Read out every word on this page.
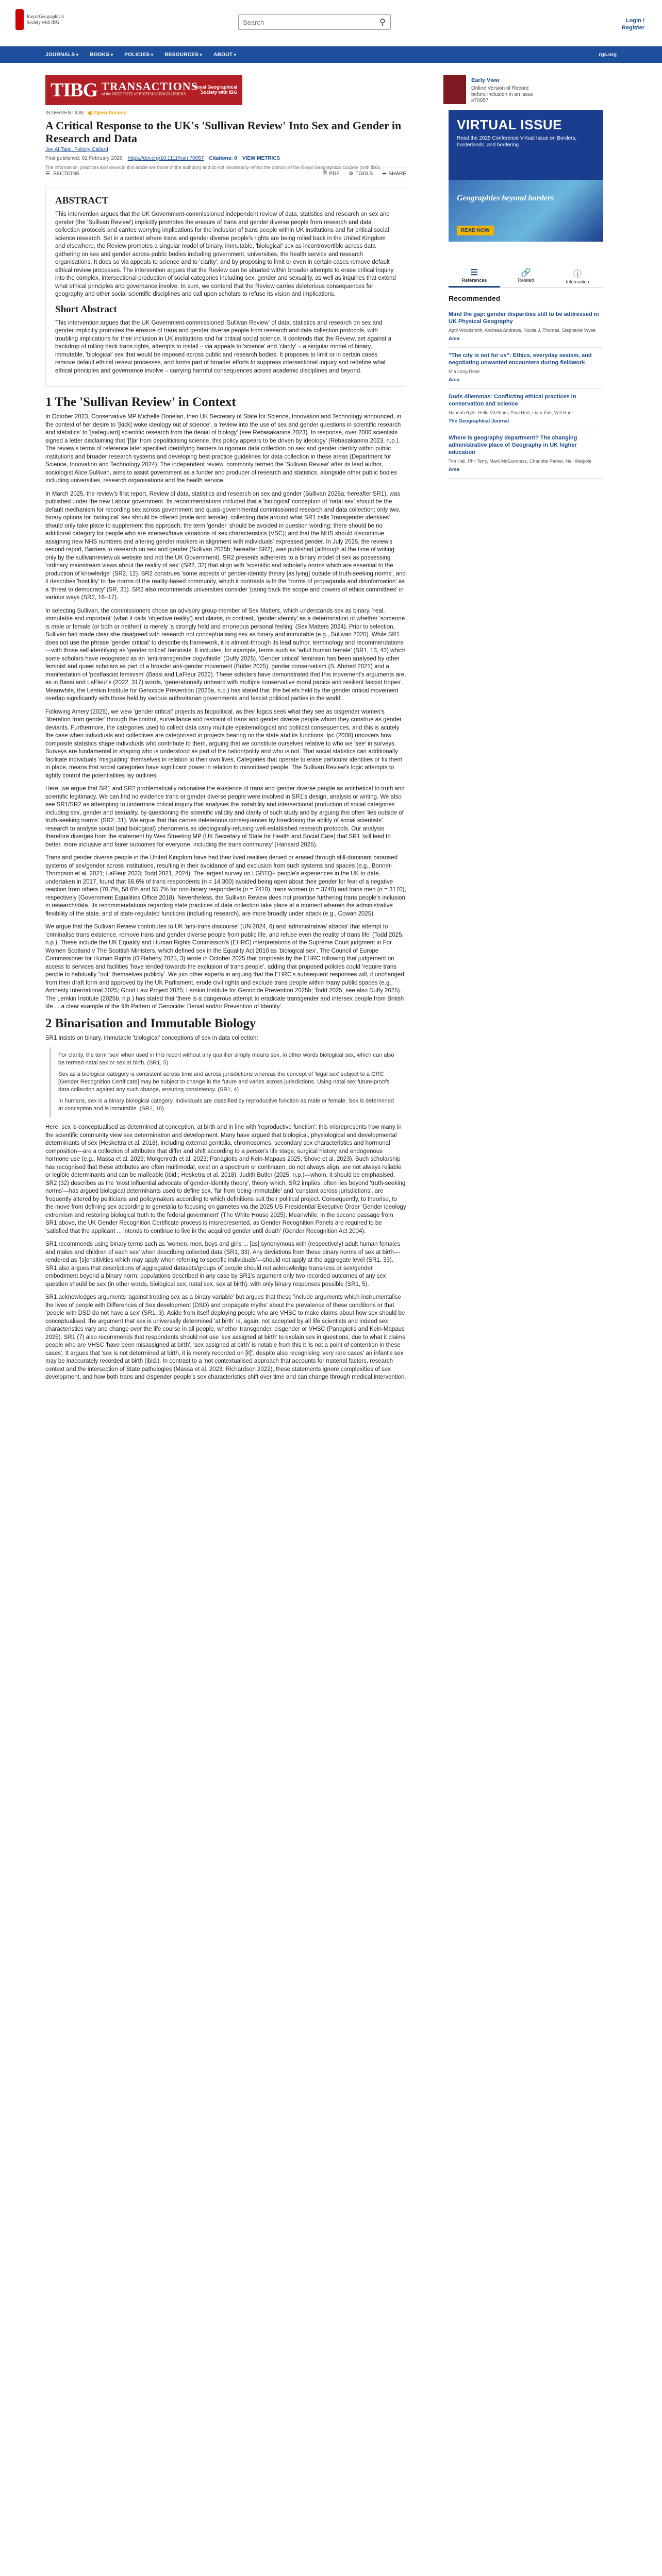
Royal Geographical Society with IBG
Search	⚲	Login /
Register
JOURNALS ▾	BOOKS ▾	POLICIES ▾	RESOURCES ▾	ABOUT ▾	rgs.org
TIBG TRANSACTIONS
of the INSTITUTE of BRITISH GEOGRAPHERS
Royal Geographical Society with IBG
Early View
Online Version of Record
before inclusion in an issue
e70057
INTERVENTION ◉ Open Access
A Critical Response to the UK's 'Sullivan Review' Into Sex and Gender in Research and Data
Jay Al-Talal, Felicity Callard
First published: 02 February 2026 https://doi.org/10.1111/tran.70057 Citations: 0 VIEW METRICS
The information, practices and views in this article are those of the author(s) and do not necessarily reflect the opinion of the Royal Geographical Society (with IBG).
☰ SECTIONS	🗎 PDF ⚙ TOOLS ➦ SHARE
ABSTRACT

This intervention argues that the UK Government-commissioned independent review of data, statistics and research on sex and gender (the 'Sullivan Review') implicitly promotes the erasure of trans and gender diverse people from research and data collection protocols and carries worrying implications for the inclusion of trans people within UK institutions and for critical social science research. Set in a context where trans and gender diverse people's rights are being rolled back in the United Kingdom and elsewhere, the Review promotes a singular model of binary, immutable, 'biological' sex as incontrovertible across data gathering on sex and gender across public bodies including government, universities, the health service and research organisations. It does so via appeals to science and to 'clarity', and by proposing to limit or even in certain cases remove default ethical review processes. The intervention argues that the Review can be situated within broader attempts to erase critical inquiry into the complex, intersectional production of social categories including sex, gender and sexuality, as well as inquiries that extend what ethical principles and governance involve. In sum, we contend that the Review carries deleterious consequences for geography and other social scientific disciplines and call upon scholars to refuse its vision and implications.

Short Abstract

This intervention argues that the UK Government-commissioned 'Sullivan Review' of data, statistics and research on sex and gender implicitly promotes the erasure of trans and gender diverse people from research and data collection protocols, with troubling implications for their inclusion in UK institutions and for critical social science. It contends that the Review, set against a backdrop of rolling back trans rights, attempts to install – via appeals to 'science' and 'clarity' – a singular model of binary, immutable, 'biological' sex that would be imposed across public and research bodies. It proposes to limit or in certain cases remove default ethical review processes, and forms part of broader efforts to suppress intersectional inquiry and redefine what ethical principles and governance involve – carrying harmful consequences across academic disciplines and beyond.

1 The 'Sullivan Review' in Context

In October 2023, Conservative MP Michelle Donelan, then UK Secretary of State for Science, Innovation and Technology announced, in the context of her desire to '[kick] woke ideology out of science', a 'review into the use of sex and gender questions in scientific research and statistics' to '[safeguard] scientific research from the denial of biology' (see Rebasakanina 2023). In response, over 2000 scientists signed a letter disclaiming that '[f]ar from depoliticising science, this policy appears to be driven by ideology' (Rebasakanina 2023, n.p.). The review's terms of reference later specified identifying barriers to rigorous data collection on sex and gender identity within public institutions and broader research systems and developing best-practice guidelines for data collection in these areas (Department for Science, Innovation and Technology 2024). The independent review, commonly termed the 'Sullivan Review' after its lead author, sociologist Alice Sullivan, aims to assist government as a funder and producer of research and statistics, alongside other public bodies including universities, research organisations and the health service.

In March 2025, the review's first report, Review of data, statistics and research on sex and gender (Sullivan 2025a; hereafter SR1), was published under the new Labour government. Its recommendations included that a 'biological' conception of 'natal sex' should be the default mechanism for recording sex across government and quasi-governmental commissioned research and data collection; only two, binary options for 'biological' sex should be offered (male and female); collecting data around what SR1 calls 'transgender identities' should only take place to supplement this approach; the term 'gender' should be avoided in question wording; there should be no additional category for people who are intersex/have variations of sex characteristics (VSC); and that the NHS should discontinue assigning new NHS numbers and altering gender markers in alignment with individuals' expressed gender. In July 2025, the review's second report, Barriers to research on sex and gender (Sullivan 2025b; hereafter SR2), was published (although at the time of writing only by the sullivanreview.uk website and not the UK Government). SR2 presents adherents to a binary model of sex as possessing 'ordinary mainstream views about the reality of sex' (SR2, 32) that align with 'scientific and scholarly norms which are essential to the production of knowledge' (SR2, 12). SR2 construes 'some aspects of gender-identity theory [as lying] outside of truth-seeking norms', and it describes 'hostility' to the norms of the reality-based community, which it contrasts with the 'norms of propaganda and disinformation' as a 'threat to democracy' (SR, 31). SR2 also recommends universities consider 'paring back the scope and powers of ethics committees' in various ways (SR2, 16–17).

In selecting Sullivan, the commissioners chose an advisory group member of Sex Matters, which understands sex as binary, 'real, immutable and important' (what it calls 'objective reality') and claims, in contrast, 'gender identity' as a determination of whether 'someone is male or female (or both or neither)' is merely 'a strongly held and erroneous personal feeling' (Sex Matters 2024). Prior to selection, Sullivan had made clear she disagreed with research not conceptualising sex as binary and immutable (e.g., Sullivan 2020). While SR1 does not use the phrase 'gender critical' to describe its framework, it is almost-through its lead author, terminology and recommendations—with those self-identifying as 'gender critical' feminists. It includes, for example, terms such as 'adult human female' (SR1, 13, 43) which some scholars have recognised as an 'anti-transgender dogwhistle' (Duffy 2025). 'Gender critical' feminism has been analysed by other feminist and queer scholars as part of a broader anti-gender movement (Butler 2025), gender conservatism (S. Ahmed 2021) and a manifestation of 'postfascist feminism' (Bassi and LaFleur 2022). These scholars have demonstrated that this movement's arguments are, as in Bassi and LaFleur's (2022, 317) words, 'generationally unheard with multiple conservative moral panics and resilient fascist tropes'. Meanwhile, the Lemkin Institute for Genocide Prevention (2025a, n.p.) has stated that 'the beliefs held by the gender critical movement overlap significantly with those held by various authoritarian governments and fascist political parties in the world'.

Following Amery (2025), we view 'gender critical' projects as biopolitical, as their logics seek what they see as cisgender women's 'liberation from gender' through the control, surveillance and restraint of trans and gender diverse people whom they construe as gender deviants. Furthermore, the categories used to collect data carry multiple epistemological and political consequences, and this is acutely the case when individuals and collectives are categorised in projects bearing on the state and its functions. Ipc (2008) uncovers how composite statistics shape individuals who contribute to them, arguing that we constitute ourselves relative to who we 'see' in surveys. Surveys are fundamental in shaping who is understood as part of the nation/polity and who is not. That social statistics can additionally facilitate individuals 'misguiding' themselves in relation to their own lives. Categories that operate to erase particular identities or fix them in place, means that social categories have significant power in relation to minoritised people. The Sullivan Review's logic attempts to tightly control the potentialities lay outlines.

Here, we argue that SR1 and SR2 problematically rationalise the existence of trans and gender diverse people as antithetical to truth and scientific legitimacy. We can find no evidence trans or gender diverse people were involved in SR1's design, analysis or writing. We also see SR1/SR2 as attempting to undermine critical inquiry that analyses the instability and intersectional production of social categories including sex, gender and sexuality, by questioning the scientific validity and clarity of such study and by arguing this often 'lies outside of truth-seeking norms' (SR2, 31). We argue that this carries deleterious consequences by foreclosing the ability of social scientists' research to analyse social (and biological) phenomena as ideologically-refusing well-established research protocols. Our analysis therefore diverges from the statement by Wes Streeting MP (UK Secretary of State for Health and Social Care) that SR1 'will lead to better, more inclusive and fairer outcomes for everyone, including the trans community' (Hansard 2025).

Trans and gender diverse people in the United Kingdom have had their lived realities denied or erased through still-dominant binarised systems of sex/gender across institutions, resulting in their avoidance of and exclusion from such systems and spaces (e.g., Bonner-Thompson et al. 2021; LaFleur 2023; Todd 2021, 2024). The largest survey on LGBTQ+ people's experiences in the UK to date, undertaken in 2017, found that 66.6% of trans respondents (n = 14,300) avoided being open about their gender for fear of a negative reaction from others (70.7%, 58.6% and 55.7% for non-binary respondents (n = 7410), trans women (n = 3740) and trans men (n = 3170), respectively (Government Equalities Office 2018). Nevertheless, the Sullivan Review does not prioritise furthering trans people's inclusion in research/data. Its recommendations regarding state practices of data collection take place at a moment wherein the administrative flexibility of the state, and of state-regulated functions (including research), are more broadly under attack (e.g., Cowan 2025).

We argue that the Sullivan Review contributes to UK 'anti-trans discourse' (UN 2024, 6) and 'administrative/ attacks' that attempt to 'criminalise trans existence, remove trans and gender diverse people from public life, and refuse even the reality of trans life' (Todd 2025, n.p.). These include the UK Equality and Human Rights Commission's (EHRC) interpretations of the Supreme Court judgment in For Women Scotland v The Scottish Ministers, which defined sex in the Equality Act 2010 as 'biological sex'. The Council of Europe Commissioner for Human Rights (O'Flaherty 2025, 3) wrote in October 2025 that proposals by the EHRC following that judgement on access to services and facilities 'have tended towards the exclusion of trans people', adding that proposed policies could 'require trans people to habitually "out" themselves publicly'. We join other experts in arguing that the EHRC's subsequent responses will, if unchanged from their draft form and approved by the UK Parliament, erode civil rights and exclude trans people within many public spaces (e.g., Amnesty International 2025; Good Law Project 2025; Lemkin Institute for Genocide Prevention 2025b; Todd 2025; see also Duffy 2025). The Lemkin Institute (2025b, n.p.) has stated that 'there is a dangerous attempt to eradicate transgender and intersex people from British life ... a clear example of the 9th Pattern of Genocide: Denial and/or Prevention of Identity'.

2 Binarisation and Immutable Biology

SR1 insists on binary, immutable 'biological' conceptions of sex in data collection:

For clarity, the term 'sex' when used in this report without any qualifier simply means sex, in other words biological sex, which can also be termed natal sex or sex at birth. (SR1, 5)

Sex as a biological category is consistent across time and across jurisdictions whereas the concept of 'legal sex' subject to a GRC [Gender Recognition Certificate] may be subject to change in the future and varies across jurisdictions. Using natal sex future-proofs data collection against any such change, ensuring consistency. (SR1, 4)

In humans, sex is a binary biological category. Individuals are classified by reproductive function as male or female. Sex is determined at conception and is immutable. (SR1, 18)

Here, sex is conceptualised as determined at conception, at birth and in line with 'reproductive function': this misrepresents how many in the scientific community view sex determination and development. Many have argued that biological, physiological and developmental determinants of sex (Heskettra et al. 2018), including external genitalia, chromosomes, secondary sex characteristics and hormonal composition—are a collection of attributes that differ and shift according to a person's life stage, surgical history and endogenous hormone use (e.g., Massa et al. 2023; Morgenroth et al. 2023; Panagiotis and Kein-Mapaus 2025; Shove et al. 2023). Such scholarship has recognised that these attributes are often multimodal, exist on a spectrum or continuum, do not always align, are not always reliable or legible determinants and can be malleable (ibid.; Hesketra et al. 2018). Judith Butler (2025, n.p.)—whom, it should be emphasised, SR2 (32) describes as the 'most influential advocate of gender-identity theory', theory which, SR2 implies, often lies beyond 'truth-seeking norms'—has argued biological determinants used to define sex, 'far from being immutable' and 'constant across jurisdictions', are frequently altered by politicians and policymakers according to which definitions suit their political project. Consequently, to theorise, to the move from defining sex according to genetalia to focusing on gametes via the 2025 US Presidential Executive Order 'Gender ideology extremism and restoring biological truth to the federal government' (The White House 2025). Meanwhile, in the second passage from SR1 above, the UK Gender Recognition Certificate process is misrepresented, as Gender Recognition Panels are required to be 'satisfied that the applicant ... intends to continue to live in the acquired gender until death' (Gender Recognition Act 2004).

SR1 recommends using binary terms such as 'women, men, boys and girls ... [as] synonymous with (respectively) adult human females and males and children of each sex' when describing collected data (SR1, 33). Any deviations from these binary norms of sex at birth—rendered as '[s]ensitivities which may apply when referring to specific individuals'—should not apply at the aggregate level (SR1, 33). SR1 also argues that descriptions of aggregated datasets/groups of people should not acknowledge transness or sex/gender embodiment beyond a binary norm; populations described in any case by SR1's argument only two recorded outcomes of any sex question should be sex (in other words, biological sex, natal sex, sex at birth), with only binary responses possible (SR1, 5).

SR1 acknowledges arguments 'against treating sex as a binary variable' but argues that these 'include arguments which instrumentalise the lives of people with Differences of Sex development (DSD) and propagate myths' about the prevalence of these conditions or that 'people with DSD do not have a sex' (SR1, 3). Aside from itself deploying people who are VHSC to make claims about how sex should be conceptualised, the argument that sex is universally determined 'at birth' is, again, not accepted by all life scientists and indeed sex characteristics vary and change over the life course in all people, whether transgender, cisgender or VHSC (Panagiotis and Kein-Mapaus 2025). SR1 (7) also recommends that respondents should not use 'sex assigned at birth' to explain sex in questions, due to what it claims people who are VHSC 'have been misassigned at birth', 'sex assigned at birth' is notable from this it 'is not a point of contention in these cases'. It argues that 'sex is not determined at birth, it is merely recorded on [it]', despite also recognising 'very rare cases' an infant's sex may be inaccurately recorded at birth (ibid.). In contrast to a 'not contextualised approach that accounts for material factors, research context and the intersection of State pathologies (Massa et al. 2023; Richardson 2022), these statements ignore complexities of sex development, and how both trans and cisgender people's sex characteristics shift over time and can change through medical intervention.

VIRTUAL ISSUE
Read the 2025 Conference Virtual Issue on Borders, borderlands, and bordering
Geographies beyond borders
READ NOW
☰
References
🔗
Related
ⓘ
Information
Recommended
Mind the gap: gender disparities still to be addressed in UK Physical Geography
April Woodsmith, Andreas Andrews, Nicola J. Thomas, Stephanie Wyse
Area
"The city is not for us": Ethics, everyday sexism, and negotiating unwanted encounters during fieldwork
Mia Long Rose
Area
Dods dilemmas: Conflicting ethical practices in conservation and science
Hannah Ryle, Hella Vitzthum, Paul Hart, Liam Kirk, Will Hunt
The Geographical Journal
Where is geography department? The changing administrative place of Geography in UK higher education
Tim Hall, Phil Terry, Mark McGuinness, Charlotte Parker, Neil Walpole
Area
